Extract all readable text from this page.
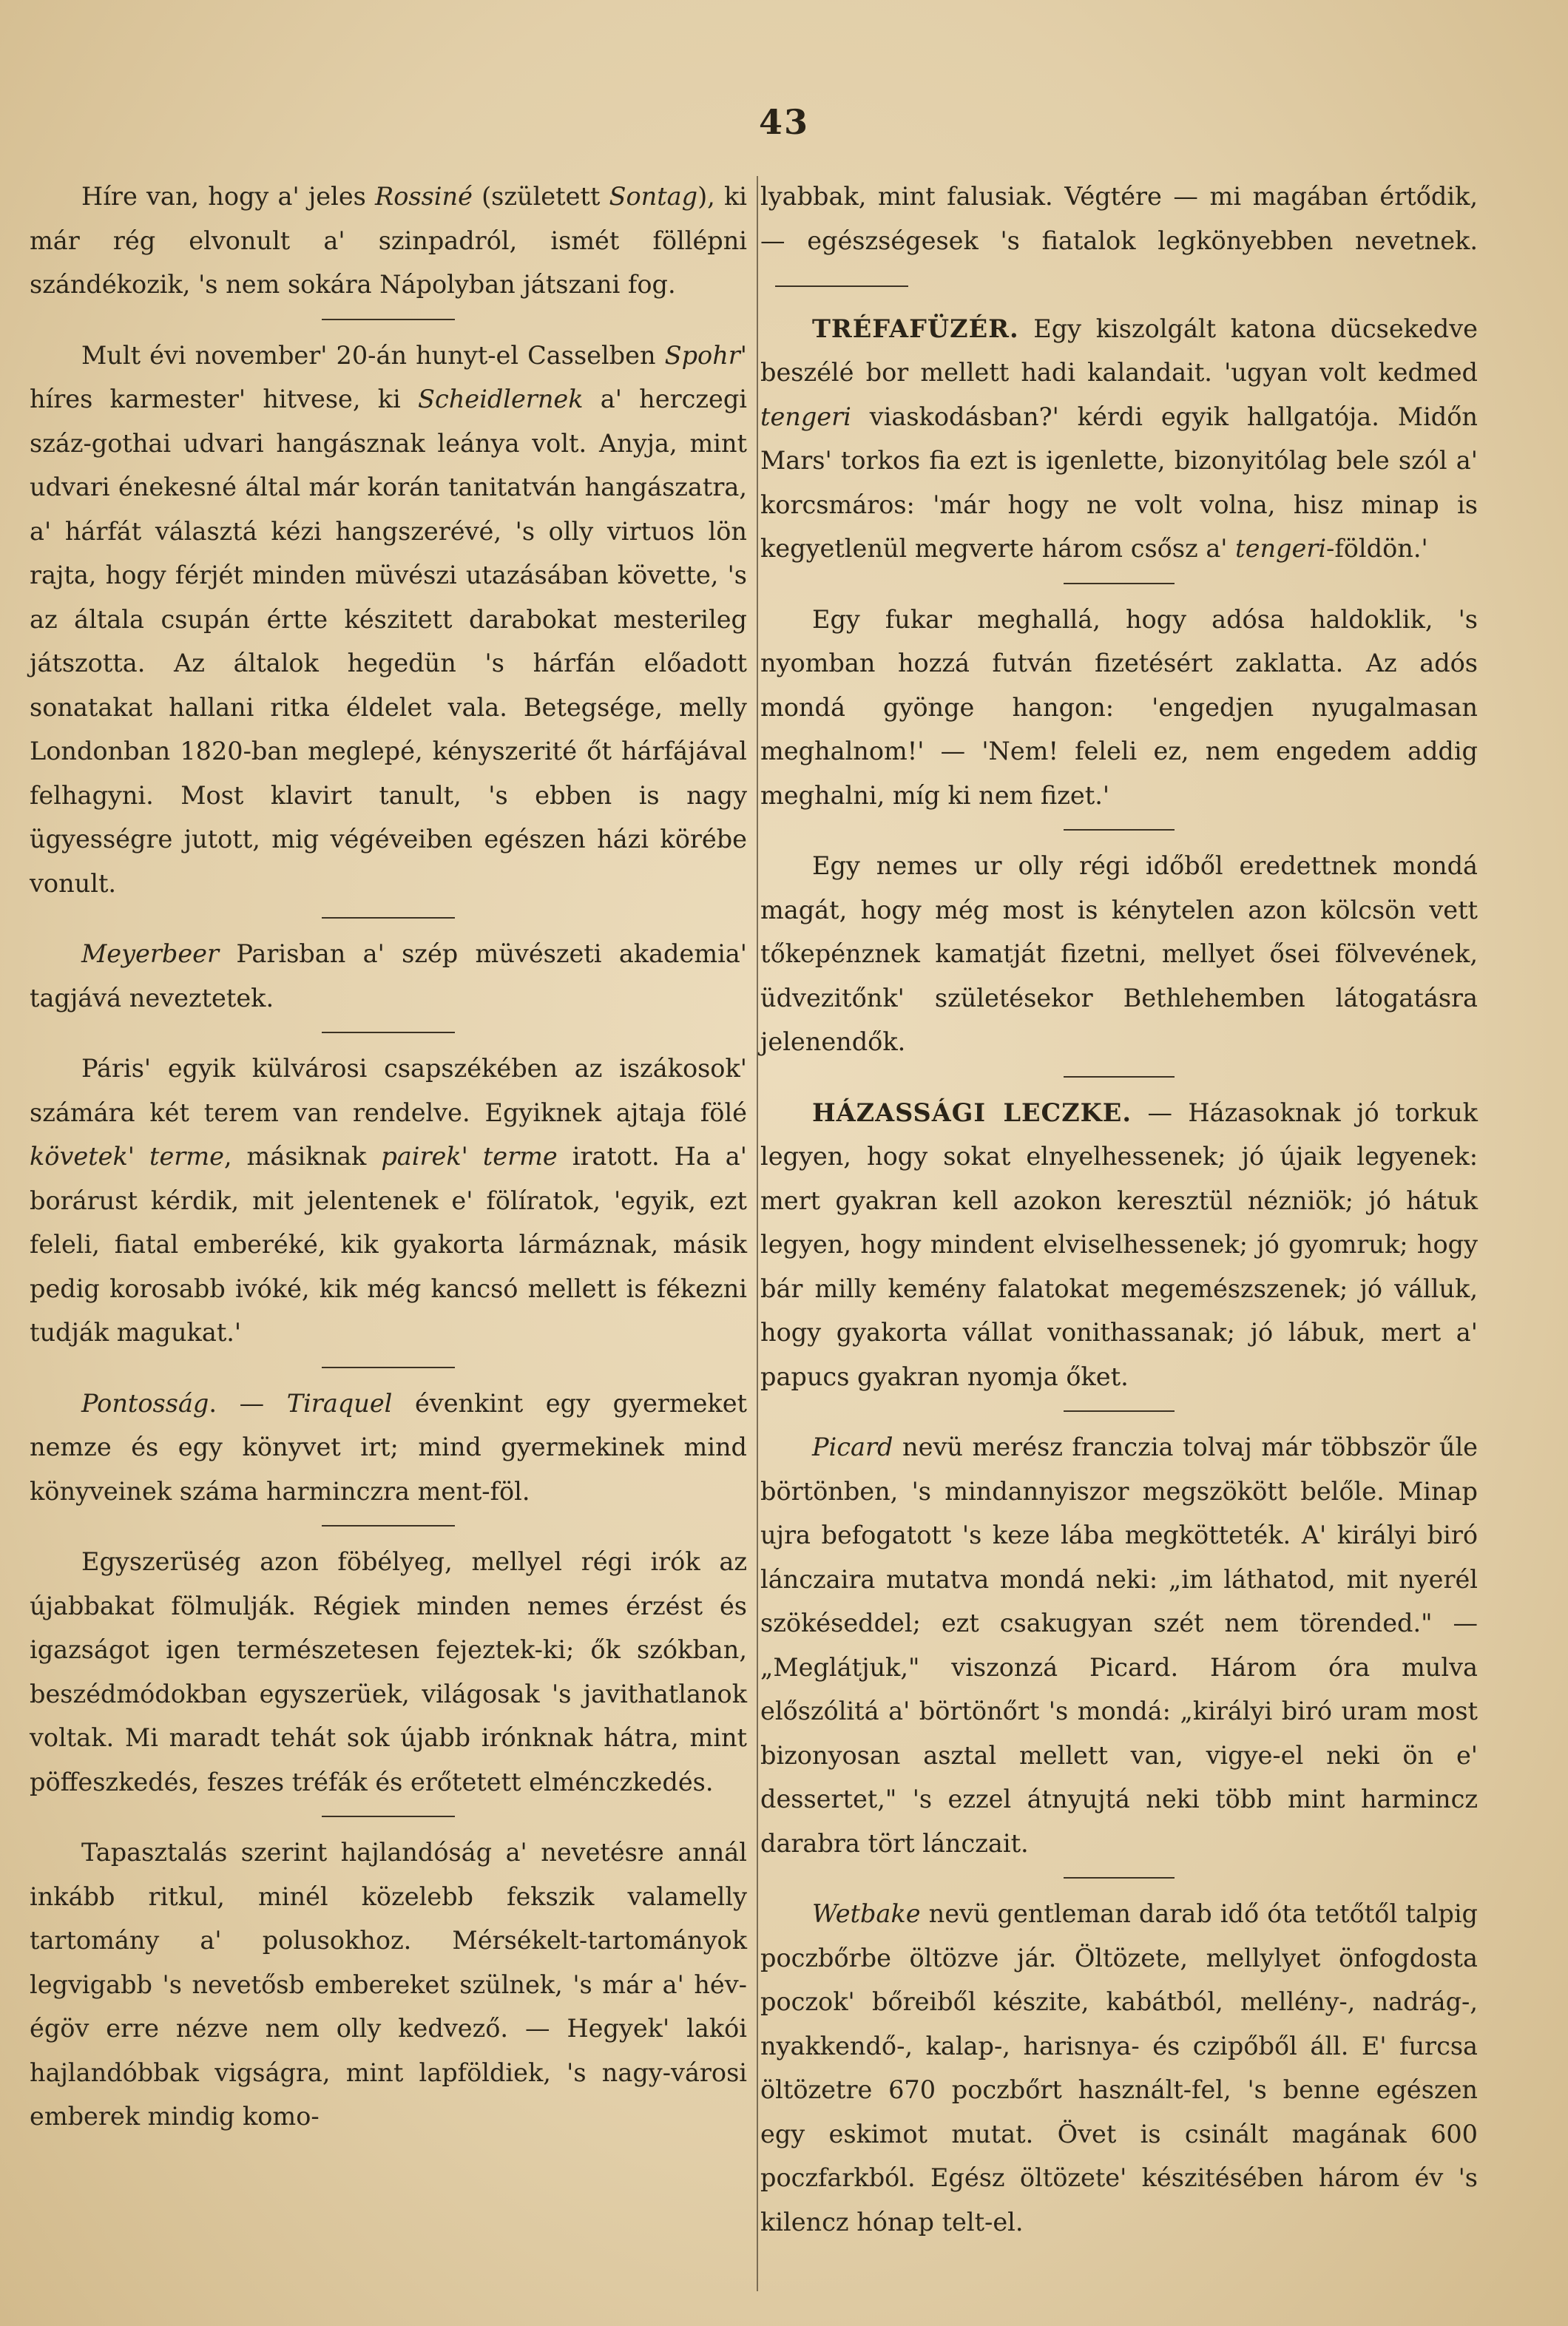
43

Híre van, hogy a' jeles Rossiné (született Sontag), ki már rég elvonult a' szinpadról, ismét föllépni szándékozik, 's nem sokára Nápolyban játszani fog.

Mult évi november' 20-án hunyt-el Casselben Spohr' híres karmester' hitvese, ki Scheidlernek a' herczegi száz-gothai udvari hangásznak leánya volt. Anyja, mint udvari énekesné által már korán tanitatván hangászatra, a' hárfát választá kézi hangszerévé, 's olly virtuos lön rajta, hogy férjét minden müvészi utazásában követte, 's az általa csupán értte készitett darabokat mesterileg játszotta. Az általok hegedün 's hárfán előadott sonatakat hallani ritka éldelet vala. Betegsége, melly Londonban 1820-ban meglepé, kényszerité őt hárfájával felhagyni. Most klavirt tanult, 's ebben is nagy ügyességre jutott, mig végéveiben egészen házi körébe vonult.

Meyerbeer Parisban a' szép müvészeti akademia' tagjává neveztetek.

Páris' egyik külvárosi csapszékében az iszákosok' számára két terem van rendelve. Egyiknek ajtaja fölé követek' terme, másiknak pairek' terme iratott. Ha a' borárust kérdik, mit jelentenek e' fölíratok, 'egyik, ezt feleli, fiatal emberéké, kik gyakorta lármáznak, másik pedig korosabb ivóké, kik még kancsó mellett is fékezni tudják magukat.'

Pontosság. — Tiraquel évenkint egy gyermeket nemze és egy könyvet irt; mind gyermekinek mind könyveinek száma harminczra ment-föl.

Egyszerüség azon föbélyeg, mellyel régi irók az újabbakat fölmulják. Régiek minden nemes érzést és igazságot igen természetesen fejeztek-ki; ők szókban, beszédmódokban egyszerüek, világosak 's javithatlanok voltak. Mi maradt tehát sok újabb irónknak hátra, mint pöffeszkedés, feszes tréfák és erőtetett elménczkedés.

Tapasztalás szerint hajlandóság a' nevetésre annál inkább ritkul, minél közelebb fekszik valamelly tartomány a' polusokhoz. Mérsékelt-tartományok legvigabb 's nevetősb embereket szülnek, 's már a' hév-égöv erre nézve nem olly kedvező. — Hegyek' lakói hajlandóbbak vigságra, mint lapföldiek, 's nagy-városi emberek mindig komo-

lyabbak, mint falusiak. Végtére — mi magában értődik, — egészségesek 's fiatalok legkönyebben nevetnek.

TRÉFAFÜZÉR. Egy kiszolgált katona dücsekedve beszélé bor mellett hadi kalandait. 'ugyan volt kedmed tengeri viaskodásban?' kérdi egyik hallgatója. Midőn Mars' torkos fia ezt is igenlette, bizonyitólag bele szól a' korcsmáros: 'már hogy ne volt volna, hisz minap is kegyetlenül megverte három csősz a' tengeri-földön.'

Egy fukar meghallá, hogy adósa haldoklik, 's nyomban hozzá futván fizetésért zaklatta. Az adós mondá gyönge hangon: 'engedjen nyugalmasan meghalnom!' — 'Nem! feleli ez, nem engedem addig meghalni, míg ki nem fizet.'

Egy nemes ur olly régi időből eredettnek mondá magát, hogy még most is kénytelen azon kölcsön vett tőkepénznek kamatját fizetni, mellyet ősei fölvevének, üdvezitőnk' születésekor Bethlehemben látogatásra jelenendők.

HÁZASSÁGI LECZKE. — Házasoknak jó torkuk legyen, hogy sokat elnyelhessenek; jó újaik legyenek: mert gyakran kell azokon keresztül nézniök; jó hátuk legyen, hogy mindent elviselhessenek; jó gyomruk; hogy bár milly kemény falatokat megemészszenek; jó válluk, hogy gyakorta vállat vonithassanak; jó lábuk, mert a' papucs gyakran nyomja őket.

Picard nevü merész franczia tolvaj már többször űle börtönben, 's mindannyiszor megszökött belőle. Minap ujra befogatott 's keze lába megkötteték. A' királyi biró lánczaira mutatva mondá neki: „im láthatod, mit nyerél szökéseddel; ezt csakugyan szét nem törended." — „Meglátjuk," viszonzá Picard. Három óra mulva előszólitá a' börtönőrt 's mondá: „királyi biró uram most bizonyosan asztal mellett van, vigye-el neki ön e' dessertet," 's ezzel átnyujtá neki több mint harmincz darabra tört lánczait.

Wetbake nevü gentleman darab idő óta tetőtől talpig poczbőrbe öltözve jár. Öltözete, mellylyet önfogdosta poczok' bőreiből készite, kabátból, mellény-, nadrág-, nyakkendő-, kalap-, harisnya- és czipőből áll. E' furcsa öltözetre 670 poczbőrt használt-fel, 's benne egészen egy eskimot mutat. Övet is csinált magának 600 poczfarkból. Egész öltözete' készitésében három év 's kilencz hónap telt-el.
